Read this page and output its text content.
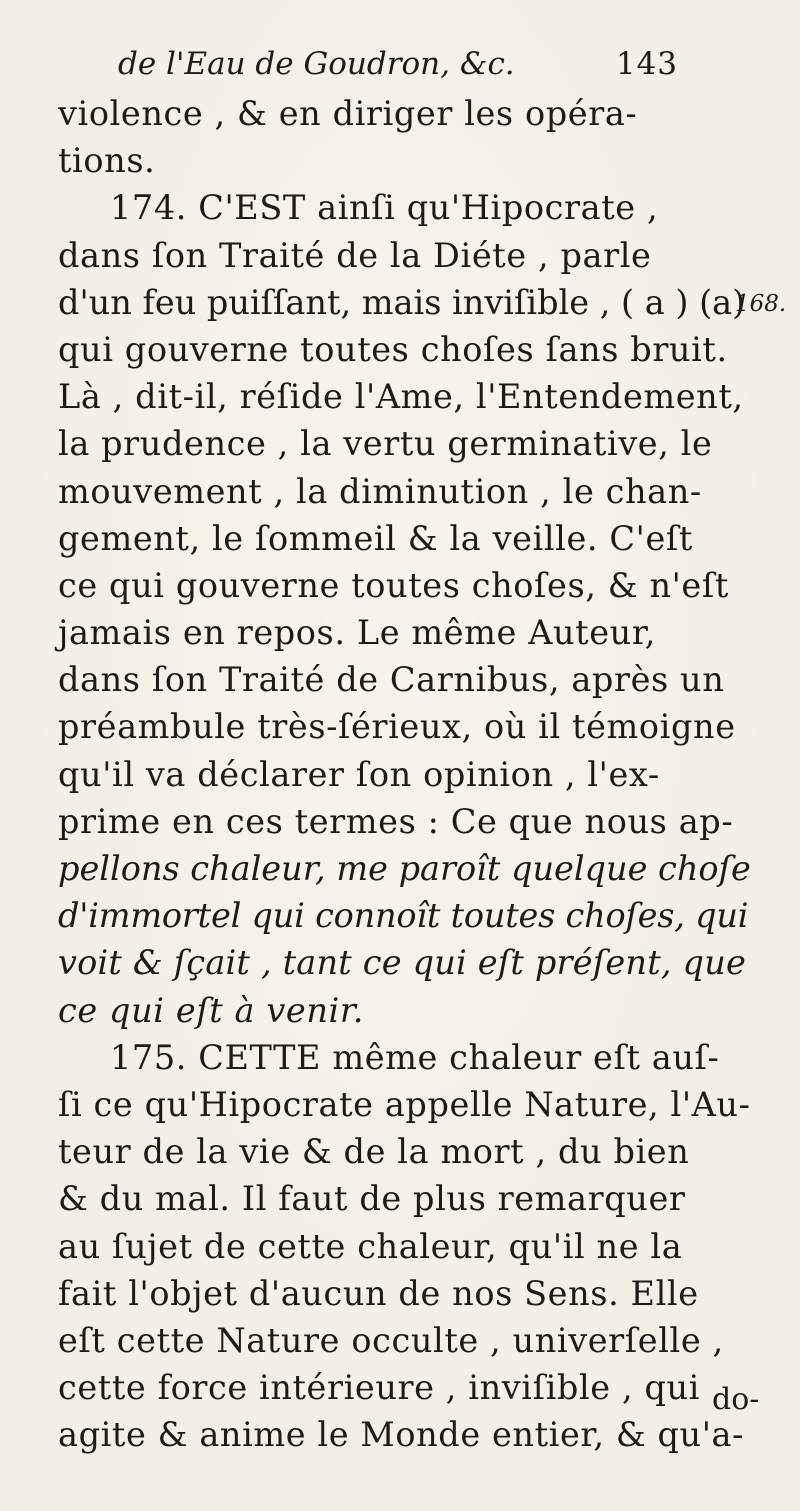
de l'Eau de Goudron, &c.	143
violence , & en diriger les opéra-
tions.
174. C'EST ainſi qu'Hipocrate ,
dans ſon Traité de la Diéte , parle
d'un feu puiſſant, mais inviſible , ( a ) (a)
qui gouverne toutes choſes ſans bruit.
Là , dit-il, réſide l'Ame, l'Entendement,
la prudence , la vertu germinative, le
mouvement , la diminution , le chan-
gement, le ſommeil & la veille. C'eſt
ce qui gouverne toutes choſes, & n'eſt
jamais en repos. Le même Auteur,
dans ſon Traité de Carnibus, après un
préambule très-ſérieux, où il témoigne
qu'il va déclarer ſon opinion , l'ex-
prime en ces termes : Ce que nous ap-
pellons chaleur, me paroît quelque choſe
d'immortel qui connoît toutes choſes, qui
voit & ſçait , tant ce qui eſt préſent, que
ce qui eſt à venir.
175. CETTE même chaleur eſt auſ-
ſi ce qu'Hipocrate appelle Nature, l'Au-
teur de la vie & de la mort , du bien
& du mal. Il faut de plus remarquer
au ſujet de cette chaleur, qu'il ne la
fait l'objet d'aucun de nos Sens. Elle
eſt cette Nature occulte , univerſelle ,
cette force intérieure , inviſible , qui
agite & anime le Monde entier, & qu'a-
168.
do-
